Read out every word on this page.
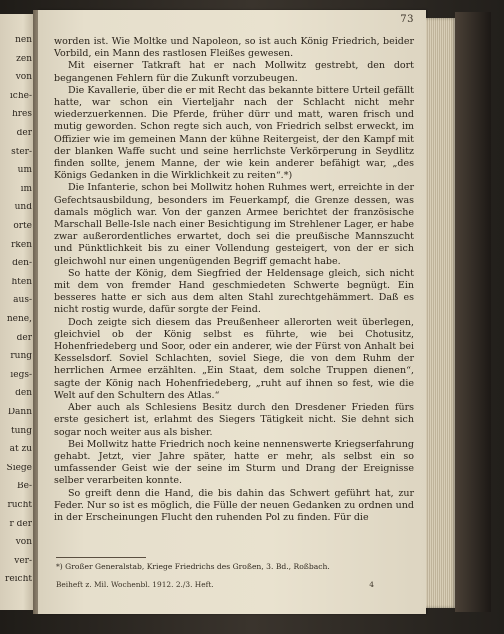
nen
zen
von
iche-
hres
der
ster-
um
im
und
örte
rken
den-
hten
aus-
nene,
der
rung
iegs-
den
Dann
tung
at zu
Siege
Be-
rucht
r der
von
ver-
reicht
73

worden ist. Wie Moltke und Napoleon, so ist auch König Friedrich, beider Vorbild, ein Mann des rastlosen Fleißes gewesen.

Mit eiserner Tatkraft hat er nach Mollwitz gestrebt, den dort begangenen Fehlern für die Zukunft vorzubeugen.

Die Kavallerie, über die er mit Recht das bekannte bittere Urteil gefällt hatte, war schon ein Vierteljahr nach der Schlacht nicht mehr wiederzuerkennen. Die Pferde, früher dürr und matt, waren frisch und mutig geworden. Schon regte sich auch, von Friedrich selbst erweckt, im Offizier wie im gemeinen Mann der kühne Reitergeist, der den Kampf mit der blanken Waffe sucht und seine herrlichste Verkörperung in Seydlitz finden sollte, jenem Manne, der wie kein anderer befähigt war, „des Königs Gedanken in die Wirklichkeit zu reiten“.*)

Die Infanterie, schon bei Mollwitz hohen Ruhmes wert, erreichte in der Gefechtsausbildung, besonders im Feuerkampf, die Grenze dessen, was damals möglich war. Von der ganzen Armee berichtet der französische Marschall Belle-Isle nach einer Besichtigung im Strehlener Lager, er habe zwar außerordentliches erwartet, doch sei die preußische Mannszucht und Pünktlichkeit bis zu einer Vollendung gesteigert, von der er sich gleichwohl nur einen ungenügenden Begriff gemacht habe.

So hatte der König, dem Siegfried der Heldensage gleich, sich nicht mit dem von fremder Hand geschmiedeten Schwerte begnügt. Ein besseres hatte er sich aus dem alten Stahl zurechtgehämmert. Daß es nicht rostig wurde, dafür sorgte der Feind.

Doch zeigte sich diesem das Preußenheer allerorten weit überlegen, gleichviel ob der König selbst es führte, wie bei Chotusitz, Hohenfriedeberg und Soor, oder ein anderer, wie der Fürst von Anhalt bei Kesselsdorf. Soviel Schlachten, soviel Siege, die von dem Ruhm der herrlichen Armee erzählten. „Ein Staat, dem solche Truppen dienen“, sagte der König nach Hohenfriedeberg, „ruht auf ihnen so fest, wie die Welt auf den Schultern des Atlas.“

Aber auch als Schlesiens Besitz durch den Dresdener Frieden fürs erste gesichert ist, erlahmt des Siegers Tätigkeit nicht. Sie dehnt sich sogar noch weiter aus als bisher.

Bei Mollwitz hatte Friedrich noch keine nennenswerte Kriegserfahrung gehabt. Jetzt, vier Jahre später, hatte er mehr, als selbst ein so umfassender Geist wie der seine im Sturm und Drang der Ereignisse selber verarbeiten konnte.

So greift denn die Hand, die bis dahin das Schwert geführt hat, zur Feder. Nur so ist es möglich, die Fülle der neuen Gedanken zu ordnen und in der Erscheinungen Flucht den ruhenden Pol zu finden. Für die

*) Großer Generalstab, Kriege Friedrichs des Großen, 3. Bd., Roßbach.
Beiheft z. Mil. Wochenbl. 1912. 2./3. Heft.	4
